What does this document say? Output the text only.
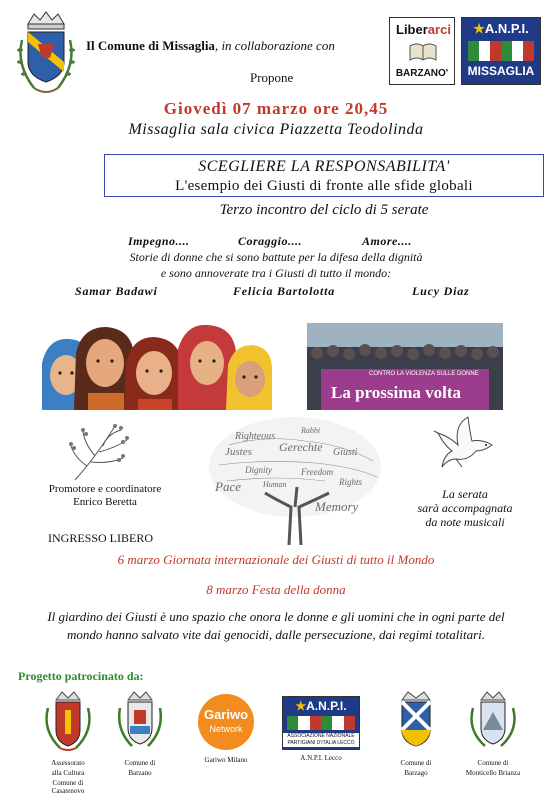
Il Comune di Missaglia, in collaborazione con
Propone
Liberarci
BARZANO'
★A.N.P.I.
MISSAGLIA
Giovedì 07 marzo ore 20,45
Missaglia sala civica Piazzetta Teodolinda
SCEGLIERE LA RESPONSABILITA'
L'esempio dei Giusti di fronte alle sfide globali
Terzo incontro del ciclo di 5 serate
Impegno....	Coraggio....	Amore....
Storie di donne che si sono battute per la difesa della dignità
e sono annoverate tra i Giusti di tutto il mondo:
Samar Badawi	Felicia Bartolotta	Lucy Diaz
CONTRO LA VIOLENZA SULLE DONNE
La prossima volta
Promotore e coordinatore
Enrico Beretta
INGRESSO LIBERO
Righteous
Rabbi
Justes Gerechte Giusti
Memory
Dignity
Pace
Freedom
Rights
Human
La serata
sarà accompagnata
da note musicali
6 marzo Giornata internazionale dei Giusti di tutto il Mondo
8 marzo Festa della donna
Il giardino dei Giusti è uno spazio che onora le donne e gli uomini che in ogni parte del
mondo hanno salvato vite dai genocidi, dalle persecuzione, dai regimi totalitari.
Progetto patrocinato da:
Assessorato
alla Cultura
Comune di Casatenovo
Comune di
Barzano
Gariwo
Network
Gariwo Milano
★A.N.P.I.
ASSOCIAZIONE NAZIONALE
PARTIGIANI D'ITALIA LECCO
A.N.P.I. Lecco
Comune di
Barzago
Comune di
Monticello Brianza
